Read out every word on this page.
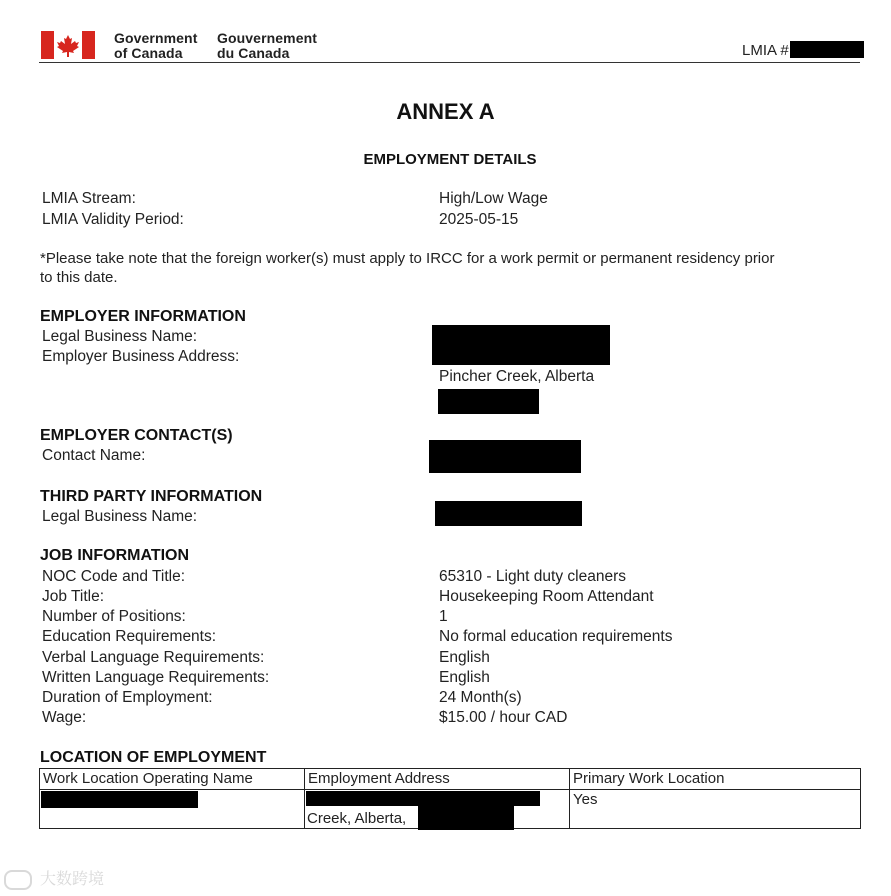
Government
of Canada
Gouvernement
du Canada	LMIA #
ANNEX A
EMPLOYMENT DETAILS
LMIA Stream:	High/Low Wage
LMIA Validity Period:	2025-05-15
*Please take note that the foreign worker(s) must apply to IRCC for a work permit or permanent residency prior
to this date.
EMPLOYER INFORMATION
Legal Business Name:
Employer Business Address:
Pincher Creek, Alberta
EMPLOYER CONTACT(S)
Contact Name:
THIRD PARTY INFORMATION
Legal Business Name:
JOB INFORMATION
NOC Code and Title:	65310 - Light duty cleaners
Job Title:	Housekeeping Room Attendant
Number of Positions:	1
Education Requirements:	No formal education requirements
Verbal Language Requirements:	English
Written Language Requirements:	English
Duration of Employment:	24 Month(s)
Wage:	$15.00 / hour CAD
LOCATION OF EMPLOYMENT
Work Location Operating Name	Employment Address	Primary Work Location

	Creek, Alberta,	Yes
大数跨境
